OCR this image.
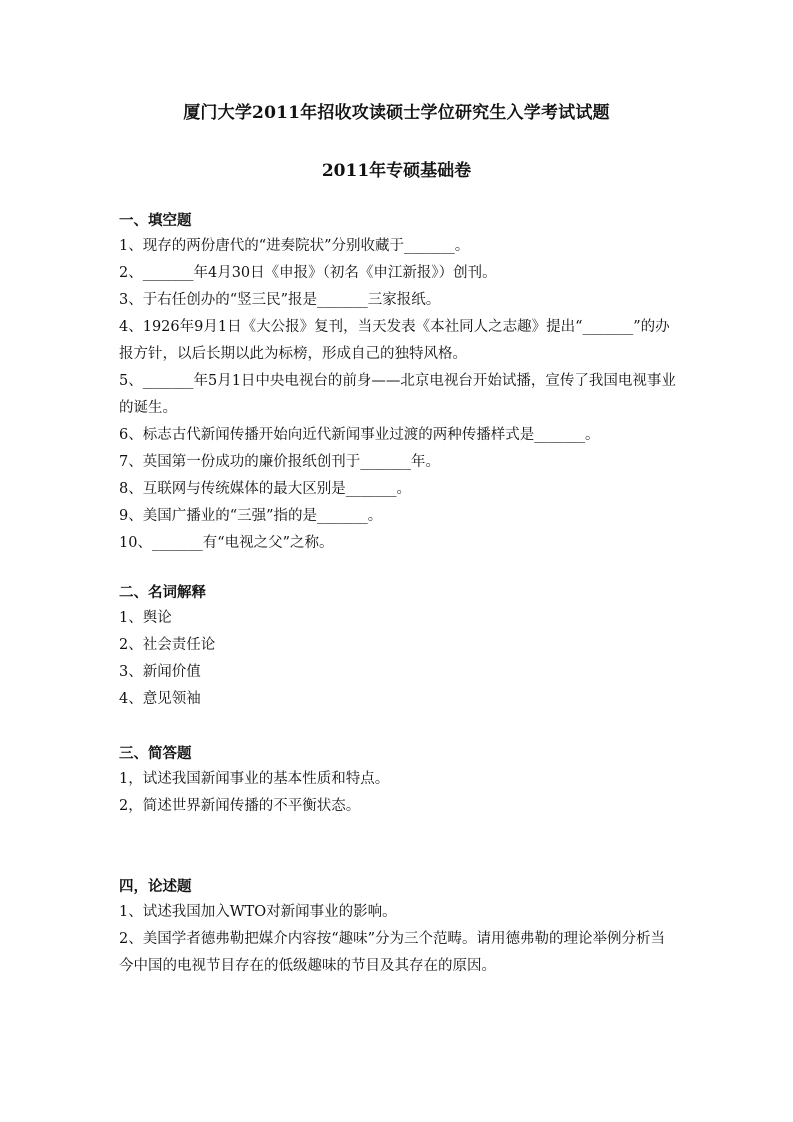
厦门大学2011年招收攻读硕士学位研究生入学考试试题
2011年专硕基础卷
一、填空题
1、现存的两份唐代的“进奏院状”分别收藏于_______。
2、_______年4月30日《申报》（初名《申江新报》）创刊。
3、于右任创办的“竖三民”报是_______三家报纸。
4、1926年9月1日《大公报》复刊，当天发表《本社同人之志趣》提出“_______”的办报方针，以后长期以此为标榜，形成自己的独特风格。
5、_______年5月1日中央电视台的前身——北京电视台开始试播，宣传了我国电视事业的诞生。
6、标志古代新闻传播开始向近代新闻事业过渡的两种传播样式是_______。
7、英国第一份成功的廉价报纸创刊于_______年。
8、互联网与传统媒体的最大区别是_______。
9、美国广播业的“三强”指的是_______。
10、_______有“电视之父”之称。
二、名词解释
1、舆论
2、社会责任论
3、新闻价值
4、意见领袖
三、简答题
1，试述我国新闻事业的基本性质和特点。
2，简述世界新闻传播的不平衡状态。
四，论述题
1、试述我国加入WTO对新闻事业的影响。
2、美国学者德弗勒把媒介内容按“趣味”分为三个范畴。请用德弗勒的理论举例分析当今中国的电视节目存在的低级趣味的节目及其存在的原因。
